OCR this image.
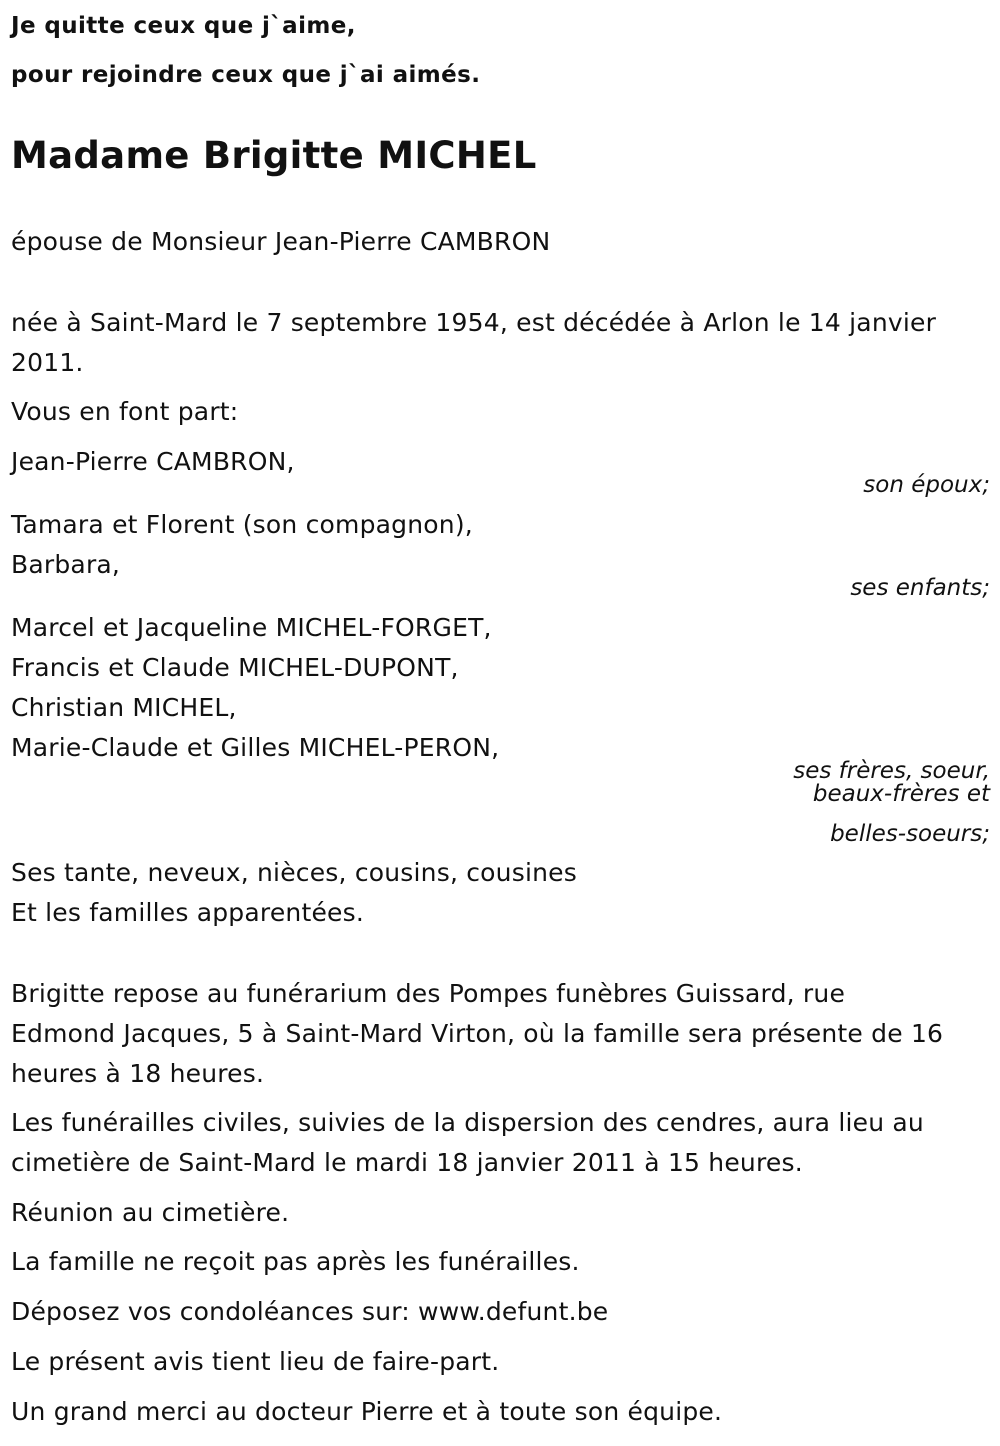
Je quitte ceux que j`aime,
pour rejoindre ceux que j`ai aimés.
Madame Brigitte MICHEL
épouse de Monsieur Jean-Pierre CAMBRON
née à Saint-Mard le 7 septembre 1954, est décédée à Arlon le 14 janvier
2011.
Vous en font part:
Jean-Pierre CAMBRON,
son époux;
Tamara et Florent (son compagnon),
Barbara,
ses enfants;
Marcel et Jacqueline MICHEL-FORGET,
Francis et Claude MICHEL-DUPONT,
Christian MICHEL,
Marie-Claude et Gilles MICHEL-PERON,
ses frères, soeur,
beaux-frères et
belles-soeurs;
Ses tante, neveux, nièces, cousins, cousines
Et les familles apparentées.
Brigitte repose au funérarium des Pompes funèbres Guissard, rue
Edmond Jacques, 5 à Saint-Mard Virton, où la famille sera présente de 16
heures à 18 heures.
Les funérailles civiles, suivies de la dispersion des cendres, aura lieu au
cimetière de Saint-Mard le mardi 18 janvier 2011 à 15 heures.
Réunion au cimetière.
La famille ne reçoit pas après les funérailles.
Déposez vos condoléances sur: www.defunt.be
Le présent avis tient lieu de faire-part.
Un grand merci au docteur Pierre et à toute son équipe.
